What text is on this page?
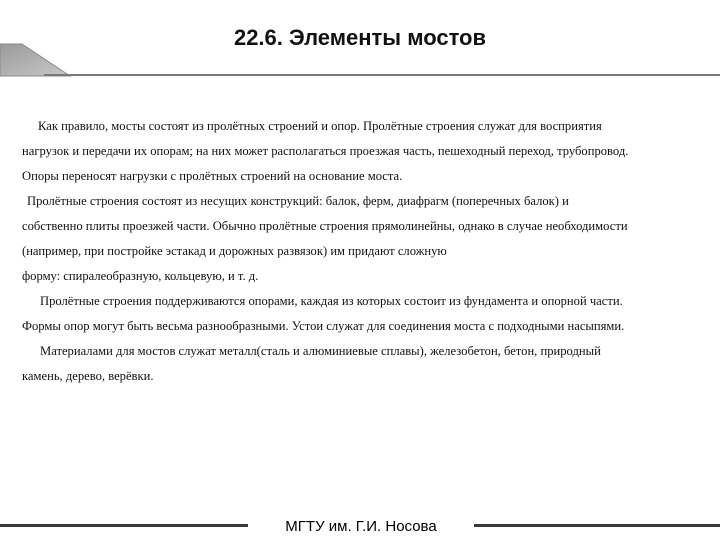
22.6. Элементы мостов
Как правило, мосты состоят из пролётных строений и опор. Пролётные строения служат для восприятия
нагрузок и передачи их опорам; на них может располагаться проезжая часть, пешеходный переход, трубопровод.
Опоры переносят нагрузки с пролётных строений на основание моста.
Пролётные строения состоят из несущих конструкций: балок, ферм, диафрагм (поперечных балок) и
собственно плиты проезжей части. Обычно пролётные строения прямолинейны, однако в случае необходимости
(например, при постройке эстакад и дорожных развязок) им придают сложную
форму: спиралеобразную, кольцевую, и т. д.
Пролётные строения поддерживаются опорами, каждая из которых состоит из фундамента и опорной части.
Формы опор могут быть весьма разнообразными. Устои служат для соединения моста с подходными насыпями.
Материалами для мостов служат металл(сталь и алюминиевые сплавы), железобетон, бетон, природный
камень, дерево, верёвки.
МГТУ им. Г.И. Носова
